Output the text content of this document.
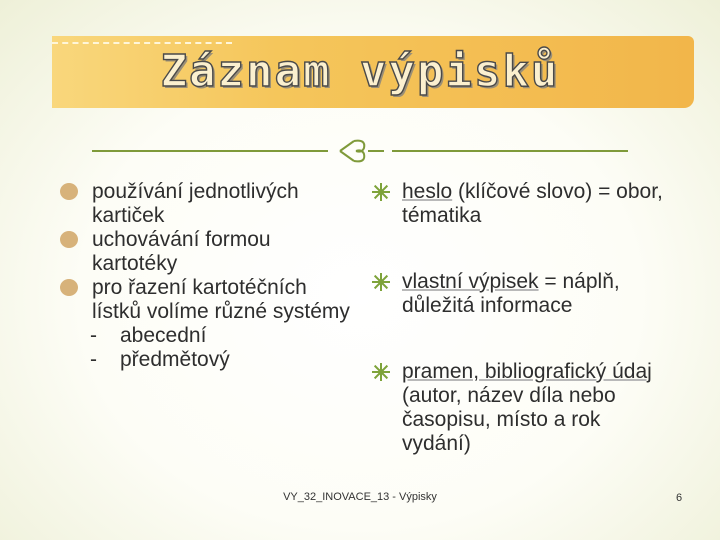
Záznam výpisků
používání jednotlivých kartiček
uchovávání formou kartotéky
pro řazení kartotéčních lístků volíme různé systémy
- abecední
- předmětový
heslo (klíčové slovo) = obor, tématika
vlastní výpisek = náplň, důležitá informace
pramen, bibliografický údaj (autor, název díla nebo časopisu, místo a rok vydání)
VY_32_INOVACE_13 - Výpisky	6
